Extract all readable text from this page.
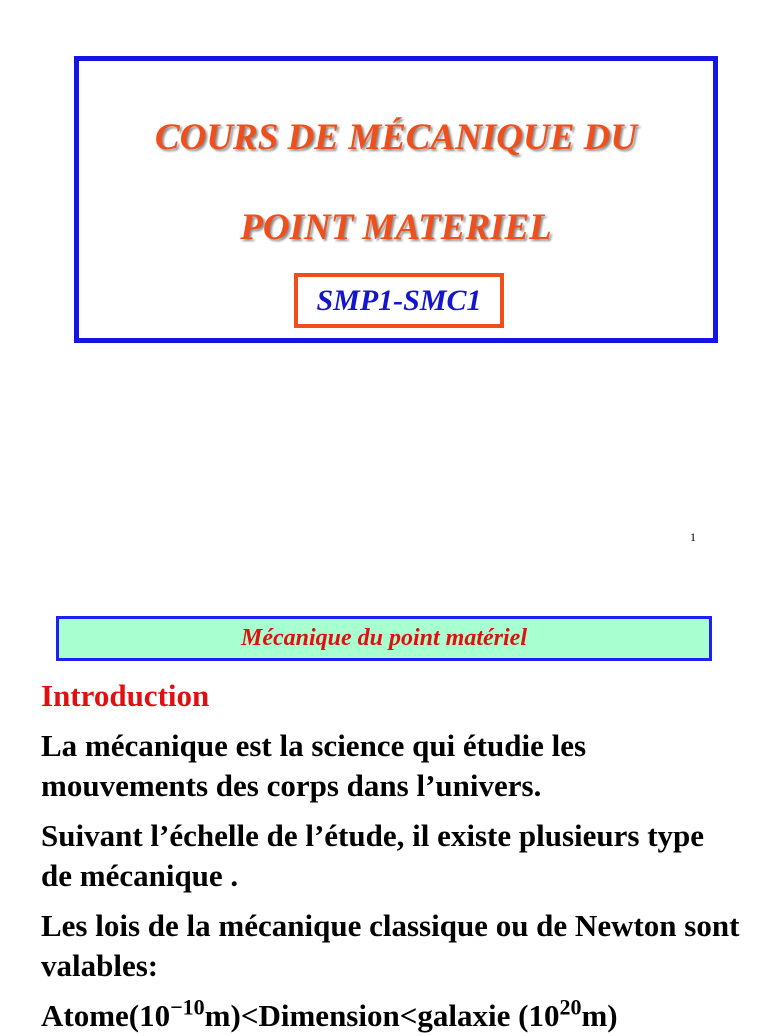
COURS DE MÉCANIQUE DU
POINT MATERIEL
SMP1-SMC1
1
Mécanique du point matériel
Introduction
La mécanique est la science qui étudie les mouvements des corps dans l’univers.
Suivant l’échelle de l’étude, il existe plusieurs type de mécanique .
Les lois de la mécanique classique ou de Newton sont valables:
$Atome(10^{-10}m)<Dimension<galaxie$ $(10^{20}m)$
